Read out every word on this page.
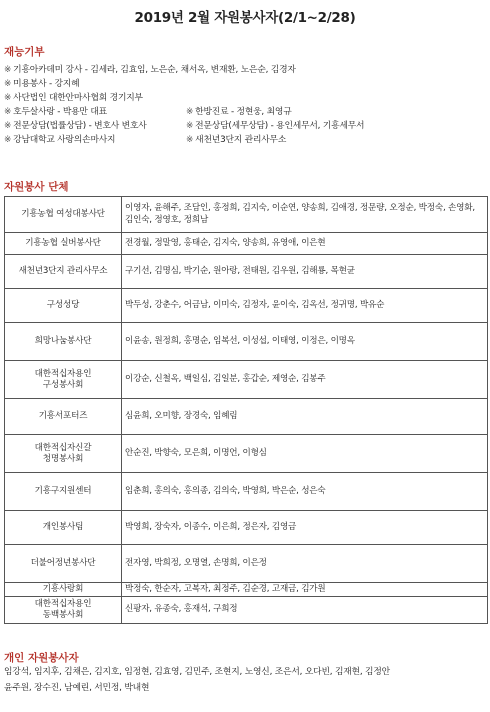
2019년 2월 자원봉사자(2/1~2/28)
재능기부
※ 기흥아카데미 강사 - 김세라, 김효임, 노은순, 채서옥, 변재환, 노은순, 김경자
※ 미용봉사 - 강지혜
※ 사단법인 대한안마사협회 경기지부
※ 호두살사랑 - 박용만 대표	※ 한방진료 - 정현웅, 최영규
※ 전문상담(법률상담) - 변호사 변호사	※ 전문상담(세무상담) - 용인세무서, 기흥세무서
※ 강남대학교 사랑의손마사지	※ 새천년3단지 관리사무소
자원봉사 단체
기흥농협 여성대봉사단	이영자, 윤해주, 조담인, 홍정희, 김지숙, 이순연, 양송희, 김애경, 정문량, 오정순, 박정숙, 손영화, 김인숙, 정영호, 정희남
기흥농협 실버봉사단	전경월, 정말영, 홍태순, 김지숙, 양송희, 유영애, 이은현
새천년3단지 관리사무소	구기선, 김명심, 박기순, 원아랑, 전태원, 김우원, 김해룡, 목현균
구성성당	박두성, 강춘수, 어금남, 이미숙, 김정자, 윤이숙, 김옥선, 정귀명, 박유순
희망나눔봉사단	이윤송, 원정희, 홍명순, 임복선, 이성섭, 이태영, 이정은, 이명옥
대한적십자용인
구성봉사회	이강순, 신철옥, 백일심, 김일분, 홍갑순, 제영순, 김봉주
기흥서포터즈	심윤희, 오미향, 장경숙, 임혜림
대한적십자신갈
청명봉사회	안순진, 박향숙, 모은희, 이명언, 이형심
기흥구지원센터	임춘희, 홍의숙, 홍의종, 김의숙, 박영희, 박은순, 성은숙
개인봉사팀	박영희, 장숙자, 이종수, 이은희, 정은자, 김영금
더불어정년봉사단	전자영, 박희정, 오명열, 손명희, 이은정
기흥사랑회	박정숙, 한순자, 고복자, 최정주, 김순경, 고재금, 김가원
대한적십자용인
동백봉사회	신팡자, 유종숙, 홍재석, 구희정
개인 자원봉사자
임강석, 임지후, 김채은, 김지호, 임정현, 김효영, 김민주, 조현지, 노영신, 조은서, 오다빈, 김재현, 김정안
윤주원, 장수진, 남예린, 서민정, 박내현
